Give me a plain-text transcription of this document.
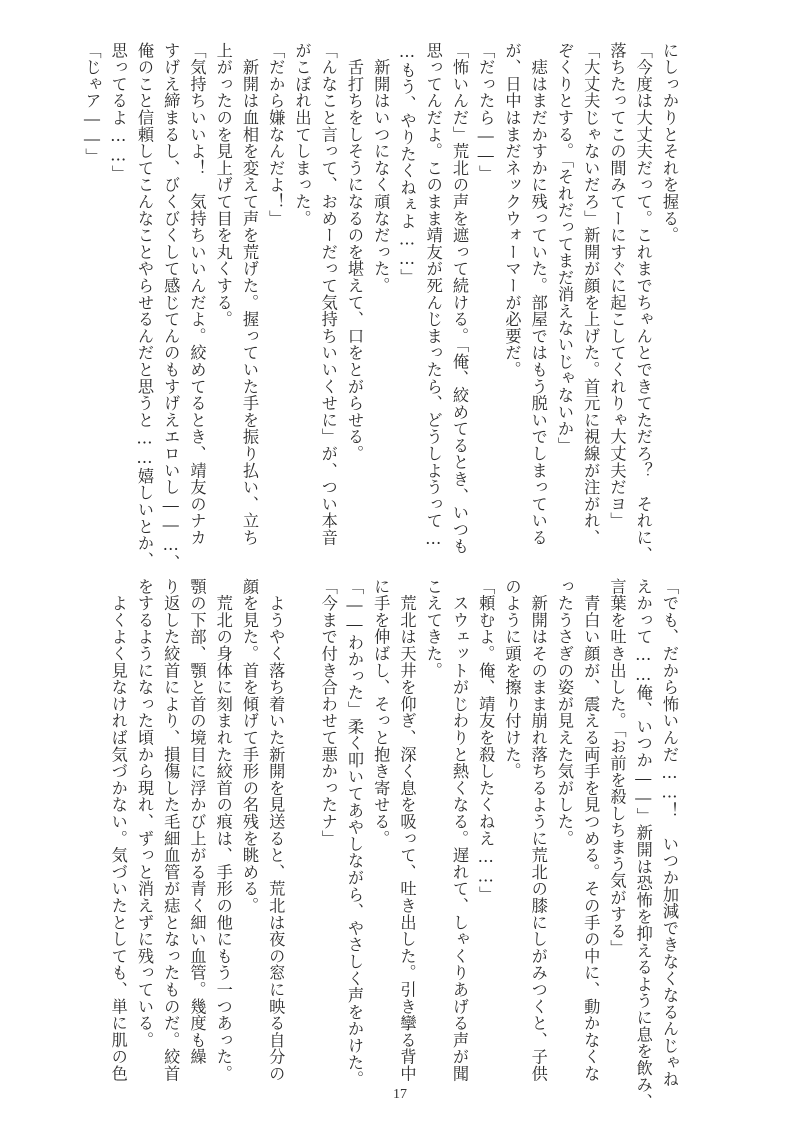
にしっかりとそれを握る。
「今度は大丈夫だって。これまでちゃんとできてただろ？　それに、
落ちたってこの間みてーにすぐに起こしてくれりゃ大丈夫だヨ」
「大丈夫じゃないだろ」新開が顔を上げた。首元に視線が注がれ、
ぞくりとする。「それだってまだ消えないじゃないか」
　痣はまだかすかに残っていた。部屋ではもう脱いでしまっている
が、日中はまだネックウォーマーが必要だ。
「だったら――」
「怖いんだ」荒北の声を遮って続ける。「俺、絞めてるとき、いつも
思ってんだよ。このまま靖友が死んじまったら、どうしようって…
…もう、やりたくねぇよ……」
　新開はいつになく頑なだった。
　舌打ちをしそうになるのを堪えて、口をとがらせる。
「んなこと言って、おめーだって気持ちいいくせに」が、つい本音
がこぼれ出てしまった。
「だから嫌なんだよ！」
　新開は血相を変えて声を荒げた。握っていた手を振り払い、立ち
上がったのを見上げて目を丸くする。
「気持ちいいよ！　気持ちいいんだよ。絞めてるとき、靖友のナカ
すげえ締まるし、びくびくして感じてんのもすげえエロいし――…、
俺のこと信頼してこんなことやらせるんだと思うと……嬉しいとか、
思ってるよ……」
「じゃア――」
「でも、だから怖いんだ……！　いつか加減できなくなるんじゃね
えかって……俺、いつか――」新開は恐怖を抑えるように息を飲み、
言葉を吐き出した。「お前を殺しちまう気がする」
　青白い顔が、震える両手を見つめる。その手の中に、動かなくな
ったうさぎの姿が見えた気がした。
　新開はそのまま崩れ落ちるように荒北の膝にしがみつくと、子供
のように頭を擦り付けた。
「頼むよ。俺、靖友を殺したくねえ……」
　スウェットがじわりと熱くなる。遅れて、しゃくりあげる声が聞
こえてきた。
　荒北は天井を仰ぎ、深く息を吸って、吐き出した。引き攣る背中
に手を伸ばし、そっと抱き寄せる。
「――わかった」柔く叩いてあやしながら、やさしく声をかけた。
「今まで付き合わせて悪かったナ」

　ようやく落ち着いた新開を見送ると、荒北は夜の窓に映る自分の
顔を見た。首を傾げて手形の名残を眺める。
　荒北の身体に刻まれた絞首の痕は、手形の他にもう一つあった。
顎の下部、顎と首の境目に浮かび上がる青く細い血管。幾度も繰
り返した絞首により、損傷した毛細血管が痣となったものだ。絞首
をするようになった頃から現れ、ずっと消えずに残っている。
　よくよく見なければ気づかない。気づいたとしても、単に肌の色
17
